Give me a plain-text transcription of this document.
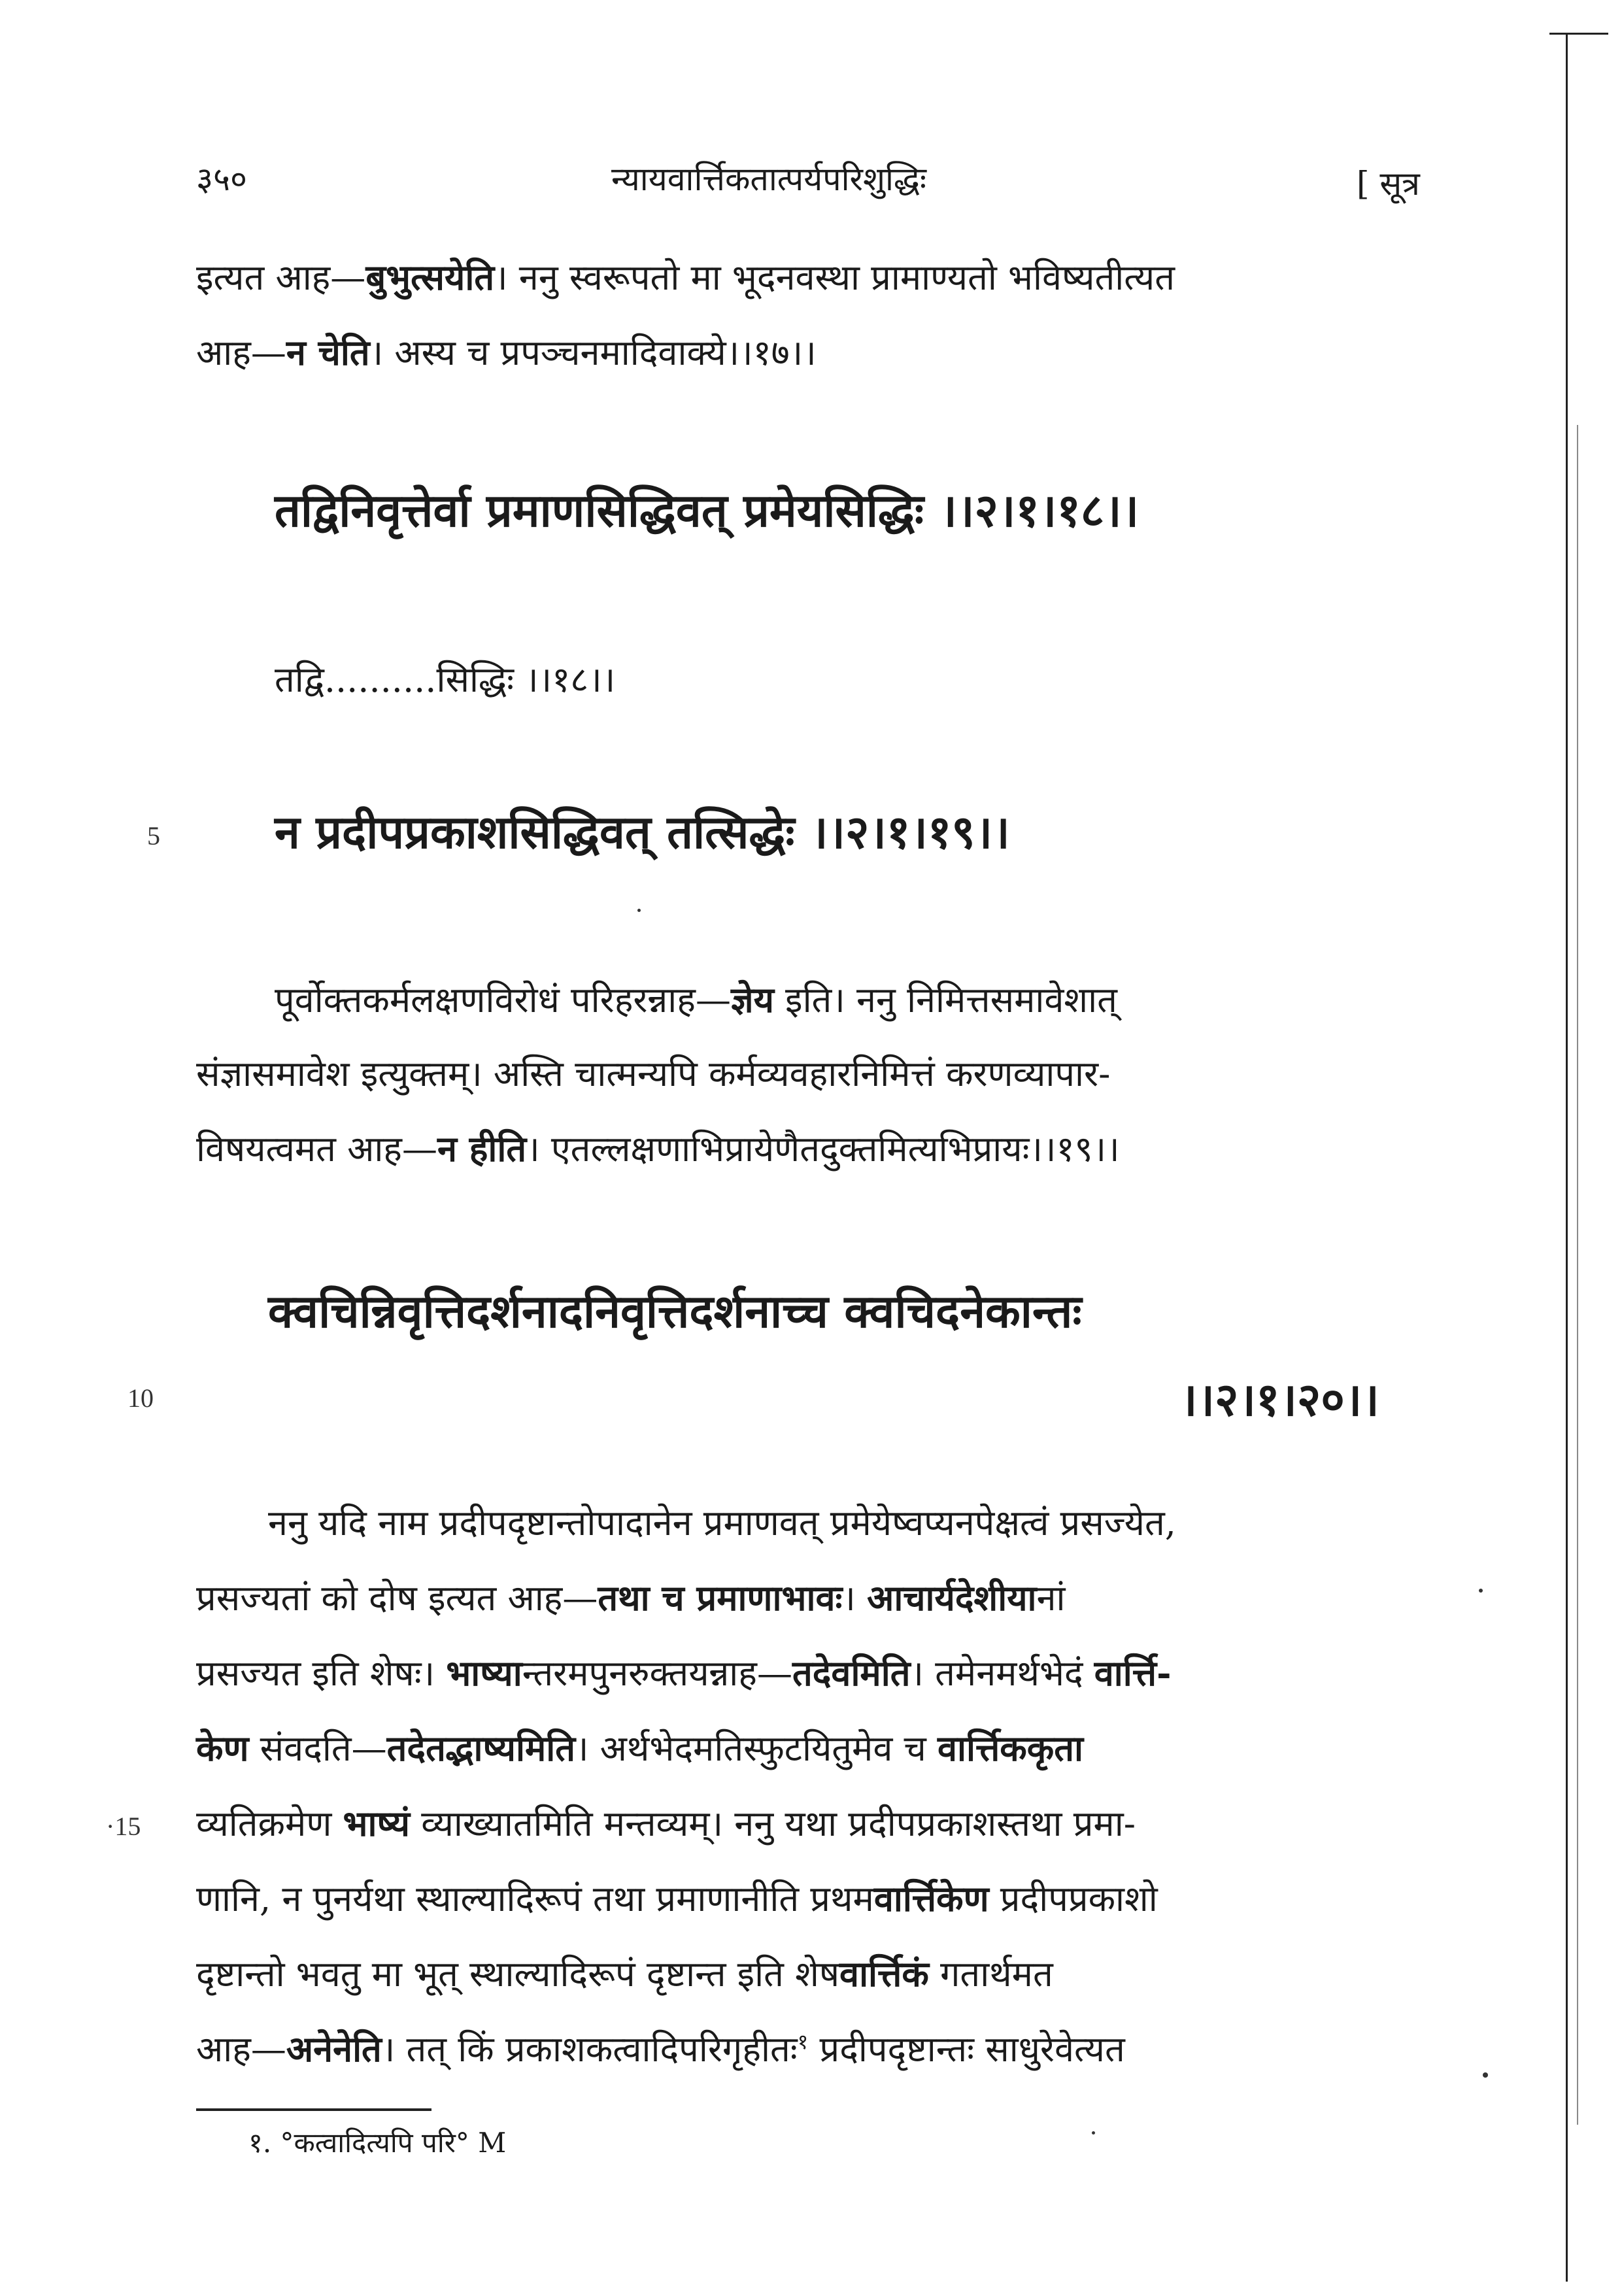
३५०	न्यायवार्त्तिकतात्पर्यपरिशुद्धिः	[ सूत्र
इत्यत आह—बुभुत्सयेति। ननु स्वरूपतो मा भूदनवस्था प्रामाण्यतो भविष्यतीत्यत
आह—न चेति। अस्य च प्रपञ्चनमादिवाक्ये।।१७।।
तद्विनिवृत्तेर्वा प्रमाणसिद्धिवत् प्रमेयसिद्धिः ।।२।१।१८।।
तद्वि..........सिद्धिः ।।१८।।
5	न प्रदीपप्रकाशसिद्धिवत् तत्सिद्धेः ।।२।१।१९।।
पूर्वोक्तकर्मलक्षणविरोधं परिहरन्नाह—ज्ञेय इति। ननु निमित्तसमावेशात्
संज्ञासमावेश इत्युक्तम्। अस्ति चात्मन्यपि कर्मव्यवहारनिमित्तं करणव्यापार-
विषयत्वमत आह—न हीति। एतल्लक्षणाभिप्रायेणैतदुक्तमित्यभिप्रायः।।१९।।
क्वचिन्निवृत्तिदर्शनादनिवृत्तिदर्शनाच्च क्वचिदनेकान्तः
10	।।२।१।२०।।
ननु यदि नाम प्रदीपदृष्टान्तोपादानेन प्रमाणवत् प्रमेयेष्वप्यनपेक्षत्वं प्रसज्येत,
प्रसज्यतां को दोष इत्यत आह—तथा च प्रमाणाभावः। आचार्यदेशीयानां
प्रसज्यत इति शेषः। भाष्यान्तरमपुनरुक्तयन्नाह—तदेवमिति। तमेनमर्थभेदं वार्त्ति-
केण संवदति—तदेतद्भाष्यमिति। अर्थभेदमतिस्फुटयितुमेव च वार्त्तिककृता
·15 व्यतिक्रमेण भाष्यं व्याख्यातमिति मन्तव्यम्। ननु यथा प्रदीपप्रकाशस्तथा प्रमा-
णानि, न पुनर्यथा स्थाल्यादिरूपं तथा प्रमाणानीति प्रथमवार्त्तिकेण प्रदीपप्रकाशो
दृष्टान्तो भवतु मा भूत् स्थाल्यादिरूपं दृष्टान्त इति शेषवार्त्तिकं गतार्थमत
आह—अनेनेति। तत् किं प्रकाशकत्वादिपरिगृहीतः$^१$ प्रदीपदृष्टान्तः साधुरेवेत्यत
१. °कत्वादित्यपि परि° M
